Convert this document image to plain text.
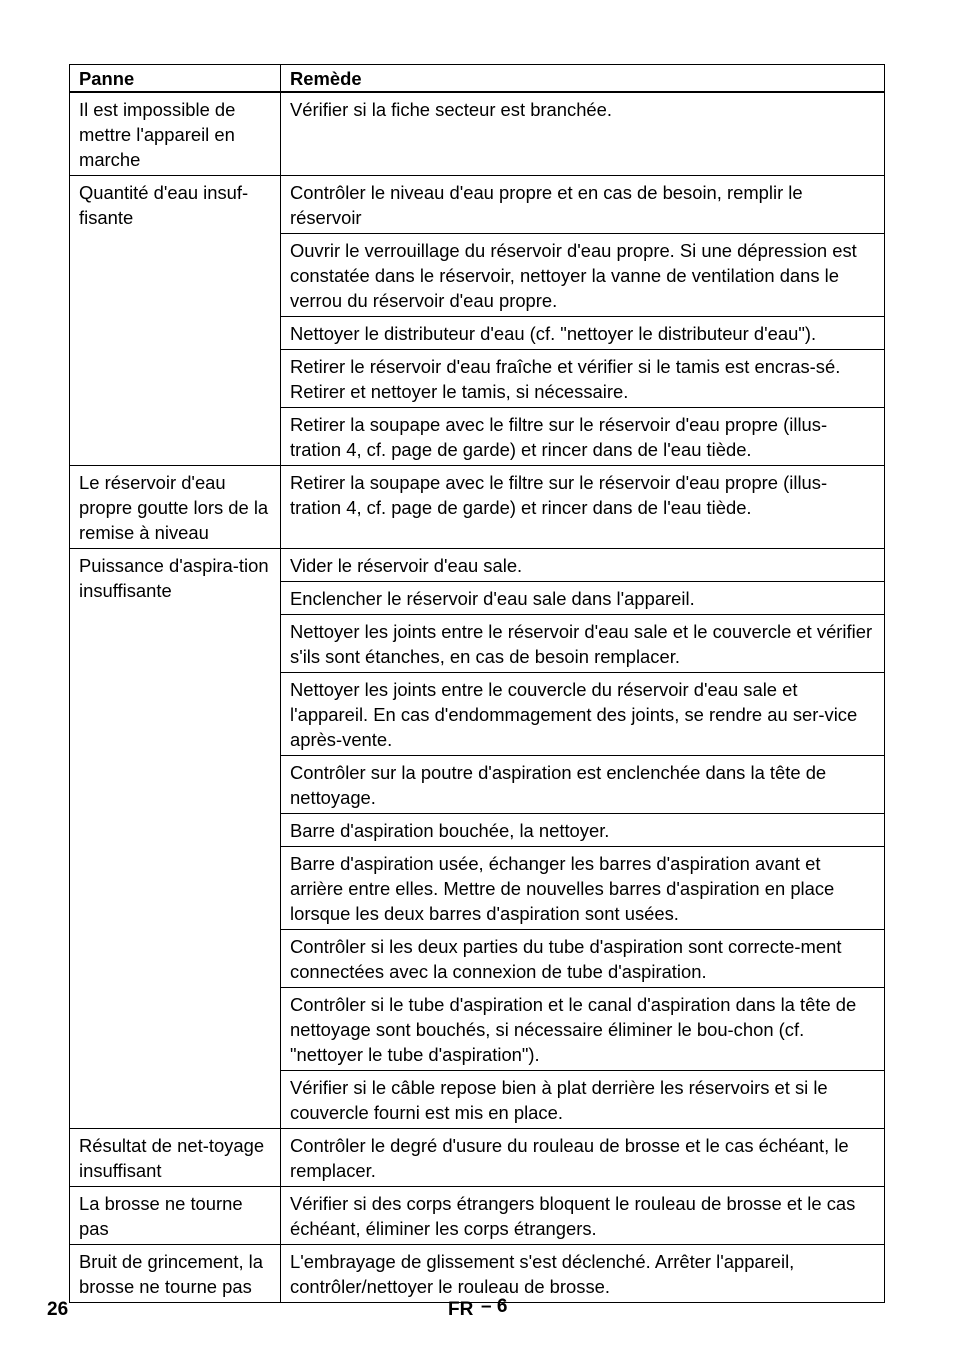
Panne	Remède
Il est impossible de mettre l'appareil en marche	Vérifier si la fiche secteur est branchée.
Quantité d'eau insuf-fisante	Contrôler le niveau d'eau propre et en cas de besoin, remplir le réservoir
	Ouvrir le verrouillage du réservoir d'eau propre. Si une dépression est constatée dans le réservoir, nettoyer la vanne de ventilation dans le verrou du réservoir d'eau propre.
	Nettoyer le distributeur d'eau (cf. "nettoyer le distributeur d'eau").
	Retirer le réservoir d'eau fraîche et vérifier si le tamis est encras-sé. Retirer et nettoyer le tamis, si nécessaire.
	Retirer la soupape avec le filtre sur le réservoir d'eau propre (illus-tration 4, cf. page de garde) et rincer dans de l'eau tiède.
Le réservoir d'eau propre goutte lors de la remise à niveau	Retirer la soupape avec le filtre sur le réservoir d'eau propre (illus-tration 4, cf. page de garde) et rincer dans de l'eau tiède.
Puissance d'aspira-tion insuffisante	Vider le réservoir d'eau sale.
	Enclencher le réservoir d'eau sale dans l'appareil.
	Nettoyer les joints entre le réservoir d'eau sale et le couvercle et vérifier s'ils sont étanches, en cas de besoin remplacer.
	Nettoyer les joints entre le couvercle du réservoir d'eau sale et l'appareil. En cas d'endommagement des joints, se rendre au ser-vice après-vente.
	Contrôler sur la poutre d'aspiration est enclenchée dans la tête de nettoyage.
	Barre d'aspiration bouchée, la nettoyer.
	Barre d'aspiration usée, échanger les barres d'aspiration avant et arrière entre elles. Mettre de nouvelles barres d'aspiration en place lorsque les deux barres d'aspiration sont usées.
	Contrôler si les deux parties du tube d'aspiration sont correcte-ment connectées avec la connexion de tube d'aspiration.
	Contrôler si le tube d'aspiration et le canal d'aspiration dans la tête de nettoyage sont bouchés, si nécessaire éliminer le bou-chon (cf. "nettoyer le tube d'aspiration").
	Vérifier si le câble repose bien à plat derrière les réservoirs et si le couvercle fourni est mis en place.
Résultat de net-toyage insuffisant	Contrôler le degré d'usure du rouleau de brosse et le cas échéant, le remplacer.
La brosse ne tourne pas	Vérifier si des corps étrangers bloquent le rouleau de brosse et le cas échéant, éliminer les corps étrangers.
Bruit de grincement, la brosse ne tourne pas	L'embrayage de glissement s'est déclenché. Arrêter l'appareil, contrôler/nettoyer le rouleau de brosse.
26	FR – 6
